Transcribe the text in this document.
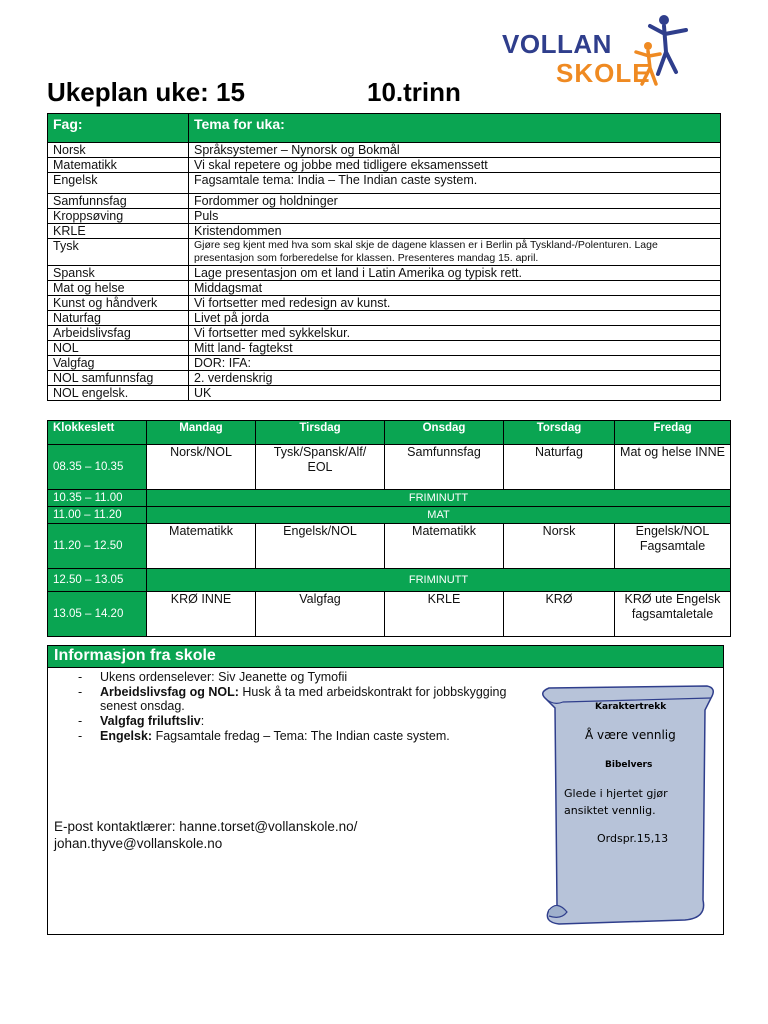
VOLLAN
SKOLE
Ukeplan uke: 15	10.trinn
Fag:	Tema for uka:
Norsk	Språksystemer – Nynorsk og Bokmål
Matematikk	Vi skal repetere og jobbe med tidligere eksamenssett
Engelsk	Fagsamtale tema: India – The Indian caste system.
Samfunnsfag	Fordommer og holdninger
Kroppsøving	Puls
KRLE	Kristendommen
Tysk	Gjøre seg kjent med hva som skal skje de dagene klassen er i Berlin på Tyskland-/Polenturen. Lage presentasjon som forberedelse for klassen. Presenteres mandag 15. april.
Spansk	Lage presentasjon om et land i Latin Amerika og typisk rett.
Mat og helse	Middagsmat
Kunst og håndverk	Vi fortsetter med redesign av kunst.
Naturfag	Livet på jorda
Arbeidslivsfag	Vi fortsetter med sykkelskur.
NOL	Mitt land- fagtekst
Valgfag	DOR: IFA:
NOL samfunnsfag	2. verdenskrig
NOL engelsk.	UK
Klokkeslett	Mandag	Tirsdag	Onsdag	Torsdag	Fredag
08.35 – 10.35	Norsk/NOL	Tysk/Spansk/Alf/ EOL	Samfunnsfag	Naturfag	Mat og helse INNE
10.35 – 11.00	FRIMINUTT				
11.00 – 11.20	MAT				
11.20 – 12.50	Matematikk	Engelsk/NOL	Matematikk	Norsk	Engelsk/NOL Fagsamtale
12.50 – 13.05	FRIMINUTT				
13.05 – 14.20	KRØ INNE	Valgfag	KRLE	KRØ	KRØ ute Engelsk fagsamtaletale
Informasjon fra skole
- Ukens ordenselever: Siv Jeanette og Tymofii
- Arbeidslivsfag og NOL: Husk å ta med arbeidskontrakt for jobbskygging senest onsdag.
- Valgfag friluftsliv:
- Engelsk: Fagsamtale fredag – Tema: The Indian caste system.
E-post kontaktlærer: hanne.torset@vollanskole.no/
johan.thyve@vollanskole.no
Karaktertrekk
Å være vennlig
Bibelvers
Glede i hjertet gjør ansiktet vennlig.
Ordspr.15,13
